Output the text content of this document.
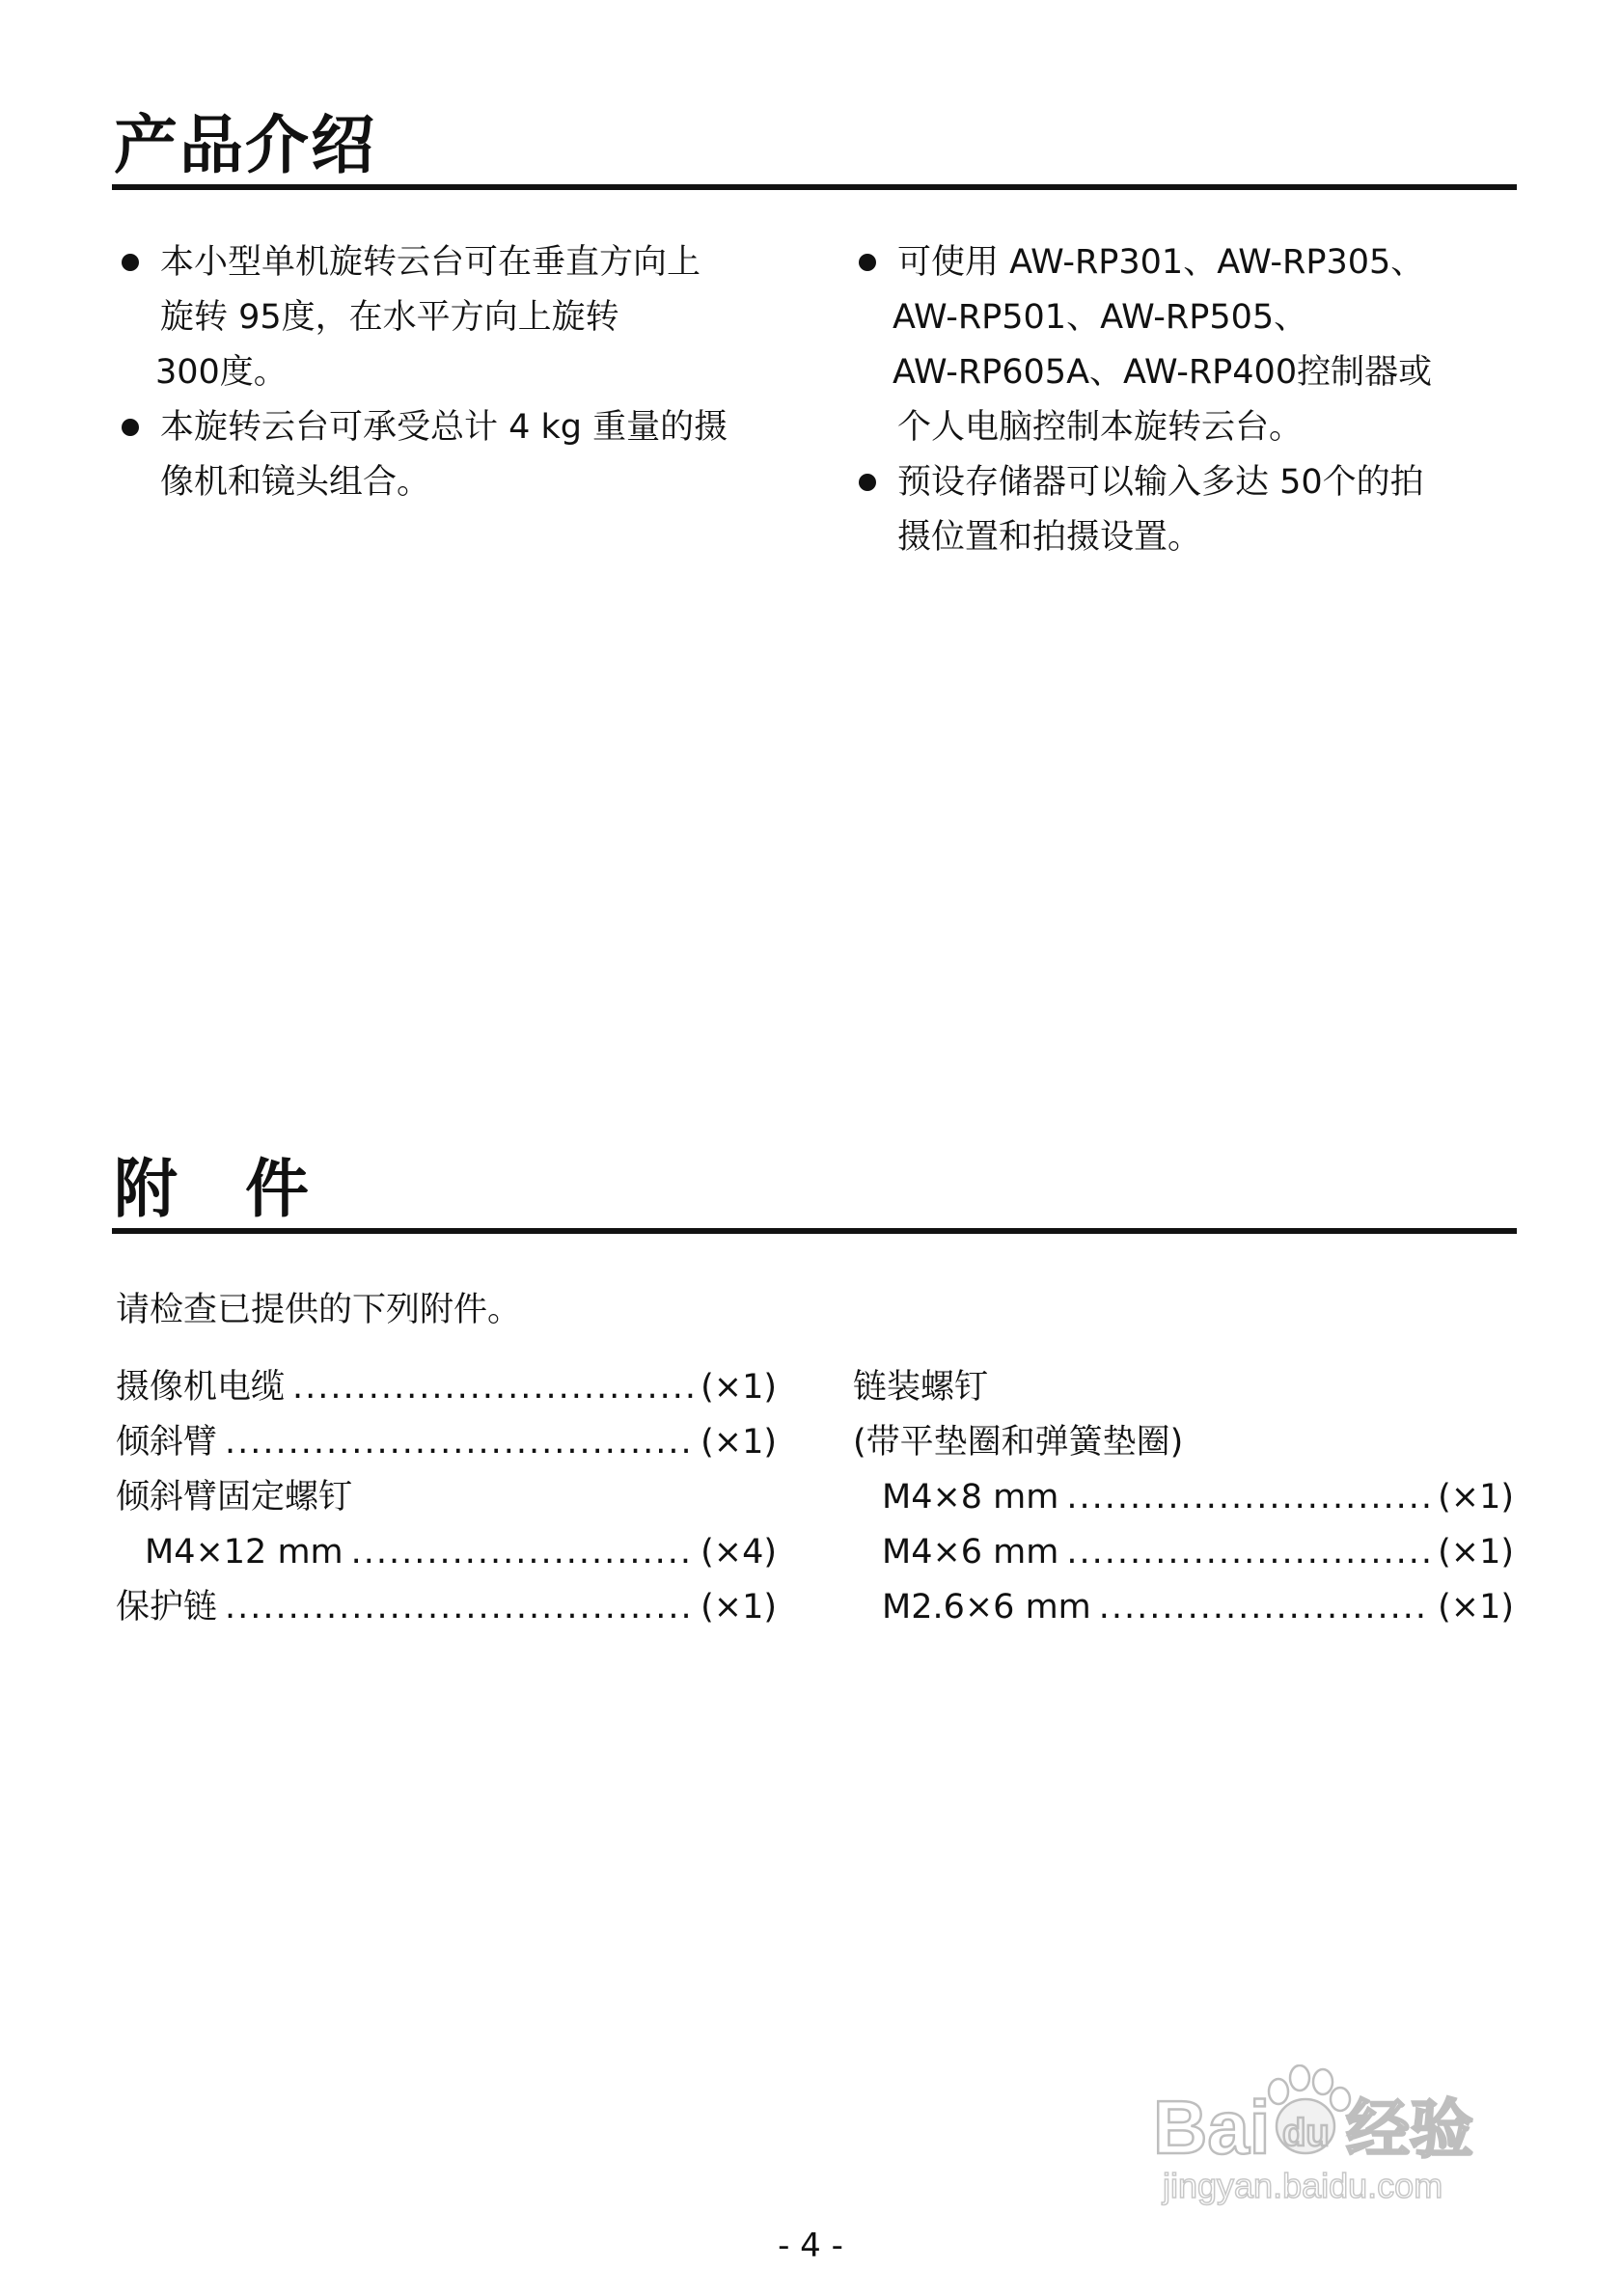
产品介绍
本小型单机旋转云台可在垂直方向上
旋转 95度，在水平方向上旋转
300度。
本旋转云台可承受总计 4 kg 重量的摄
像机和镜头组合。
可使用 AW-RP301、AW-RP305、
AW-RP501、AW-RP505、
AW-RP605A、AW-RP400控制器或
个人电脑控制本旋转云台。
预设存储器可以输入多达 50个的拍
摄位置和拍摄设置。
附　件
请检查已提供的下列附件。
摄像机电缆 .....	(×1)
倾斜臂 .....	(×1)
倾斜臂固定螺钉
M4×12 mm .....	(×4)
保护链 .....	(×1)
链装螺钉
(带平垫圈和弹簧垫圈)
M4×8 mm .....	(×1)
M4×6 mm .....	(×1)
M2.6×6 mm .....	(×1)
Bai du 经验
jingyan.baidu.com
- 4 -
